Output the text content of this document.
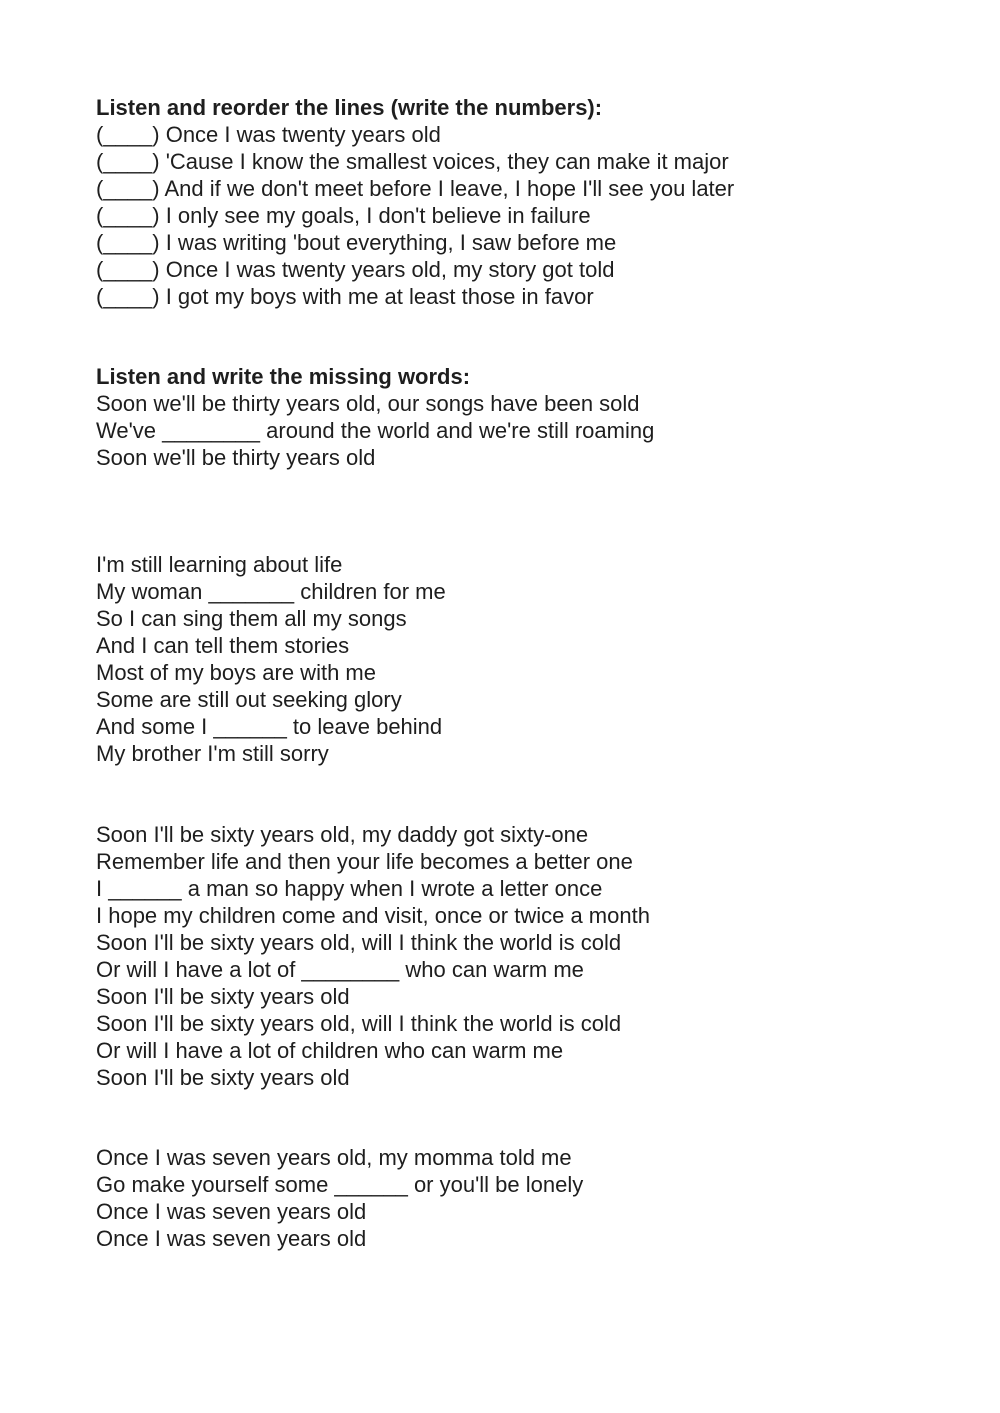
Listen and reorder the lines (write the numbers):
(____) Once I was twenty years old
(____) 'Cause I know the smallest voices, they can make it major
(____) And if we don't meet before I leave, I hope I'll see you later
(____) I only see my goals, I don't believe in failure
(____) I was writing 'bout everything, I saw before me
(____) Once I was twenty years old, my story got told
(____) I got my boys with me at least those in favor
Listen and write the missing words:
Soon we'll be thirty years old, our songs have been sold
We've ________ around the world and we're still roaming
Soon we'll be thirty years old
I'm still learning about life
My woman _______ children for me
So I can sing them all my songs
And I can tell them stories
Most of my boys are with me
Some are still out seeking glory
And some I ______ to leave behind
My brother I'm still sorry
Soon I'll be sixty years old, my daddy got sixty-one
Remember life and then your life becomes a better one
I ______ a man so happy when I wrote a letter once
I hope my children come and visit, once or twice a month
Soon I'll be sixty years old, will I think the world is cold
Or will I have a lot of ________ who can warm me
Soon I'll be sixty years old
Soon I'll be sixty years old, will I think the world is cold
Or will I have a lot of children who can warm me
Soon I'll be sixty years old
Once I was seven years old, my momma told me
Go make yourself some ______ or you'll be lonely
Once I was seven years old
Once I was seven years old
